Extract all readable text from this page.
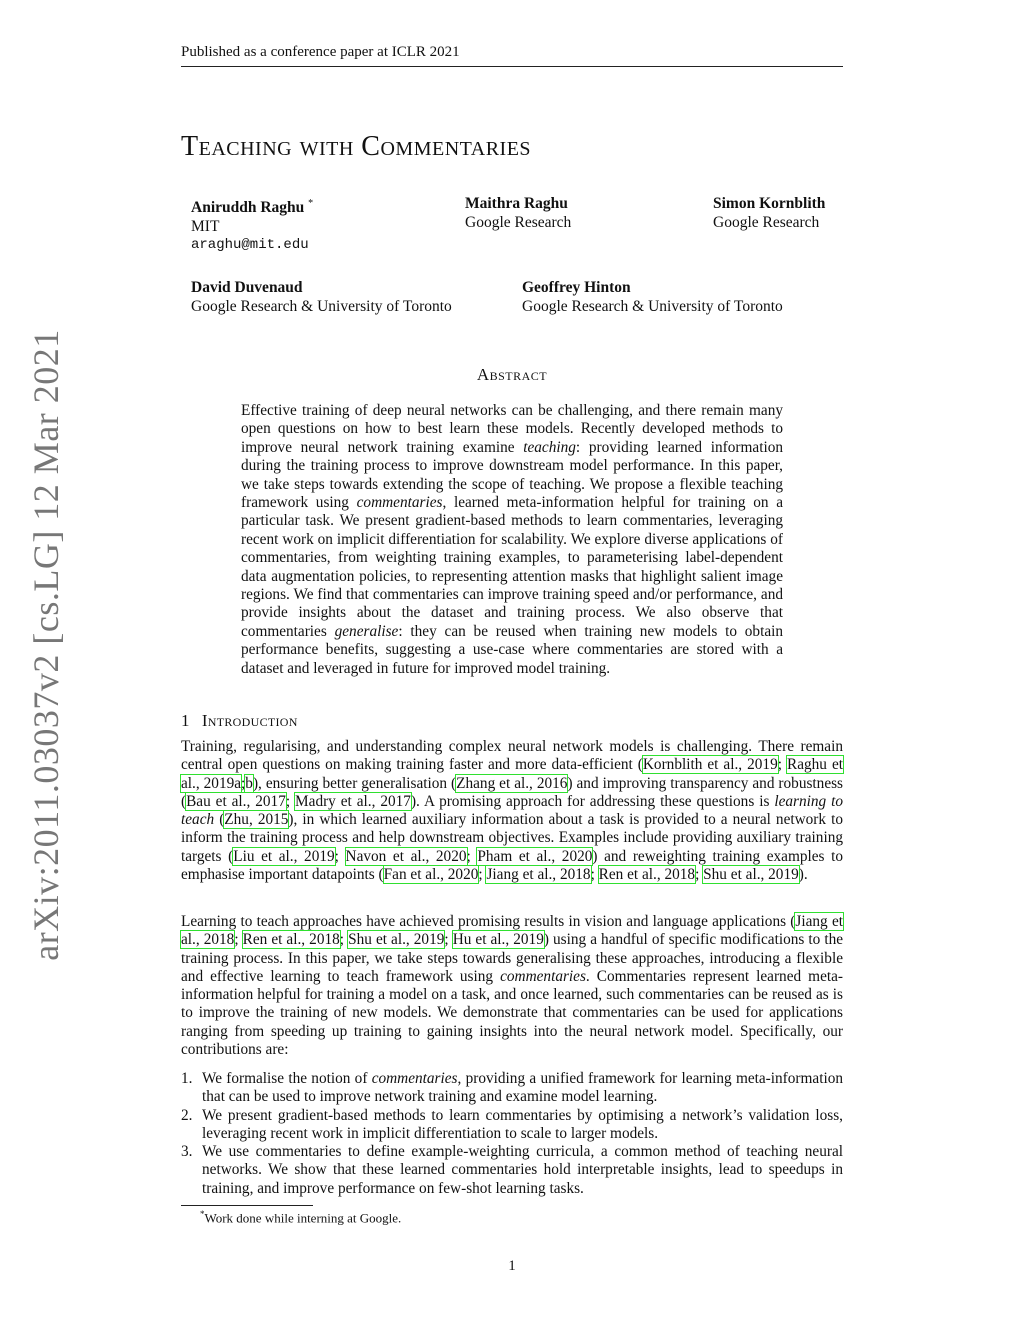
arXiv:2011.03037v2 [cs.LG] 12 Mar 2021
Published as a conference paper at ICLR 2021
Teaching with Commentaries
Aniruddh Raghu *
MIT
araghu@mit.edu
Maithra Raghu
Google Research
Simon Kornblith
Google Research
David Duvenaud
Google Research & University of Toronto
Geoffrey Hinton
Google Research & University of Toronto
Abstract

Effective training of deep neural networks can be challenging, and there remain many open questions on how to best learn these models. Recently developed methods to improve neural network training examine teaching: providing learned information during the training process to improve downstream model performance. In this paper, we take steps towards extending the scope of teaching. We propose a flexible teaching framework using commentaries, learned meta-information helpful for training on a particular task. We present gradient-based methods to learn commentaries, leveraging recent work on implicit differentiation for scalability. We explore diverse applications of commentaries, from weighting training examples, to parameterising label-dependent data augmentation policies, to representing attention masks that highlight salient image regions. We find that commentaries can improve training speed and/or performance, and provide insights about the dataset and training process. We also observe that commentaries generalise: they can be reused when training new models to obtain performance benefits, suggesting a use-case where commentaries are stored with a dataset and leveraged in future for improved model training.

1 Introduction

Training, regularising, and understanding complex neural network models is challenging. There remain central open questions on making training faster and more data-efficient (Kornblith et al., 2019; Raghu et al., 2019a;b), ensuring better generalisation (Zhang et al., 2016) and improving transparency and robustness (Bau et al., 2017; Madry et al., 2017). A promising approach for addressing these questions is learning to teach (Zhu, 2015), in which learned auxiliary information about a task is provided to a neural network to inform the training process and help downstream objectives. Examples include providing auxiliary training targets (Liu et al., 2019; Navon et al., 2020; Pham et al., 2020) and reweighting training examples to emphasise important datapoints (Fan et al., 2020; Jiang et al., 2018; Ren et al., 2018; Shu et al., 2019).

Learning to teach approaches have achieved promising results in vision and language applications (Jiang et al., 2018; Ren et al., 2018; Shu et al., 2019; Hu et al., 2019) using a handful of specific modifications to the training process. In this paper, we take steps towards generalising these approaches, introducing a flexible and effective learning to teach framework using commentaries. Commentaries represent learned meta-information helpful for training a model on a task, and once learned, such commentaries can be reused as is to improve the training of new models. We demonstrate that commentaries can be used for applications ranging from speeding up training to gaining insights into the neural network model. Specifically, our contributions are:

1. We formalise the notion of commentaries, providing a unified framework for learning meta-information that can be used to improve network training and examine model learning.
2. We present gradient-based methods to learn commentaries by optimising a network’s validation loss, leveraging recent work in implicit differentiation to scale to larger models.
3. We use commentaries to define example-weighting curricula, a common method of teaching neural networks. We show that these learned commentaries hold interpretable insights, lead to speedups in training, and improve performance on few-shot learning tasks.
*Work done while interning at Google.
1
